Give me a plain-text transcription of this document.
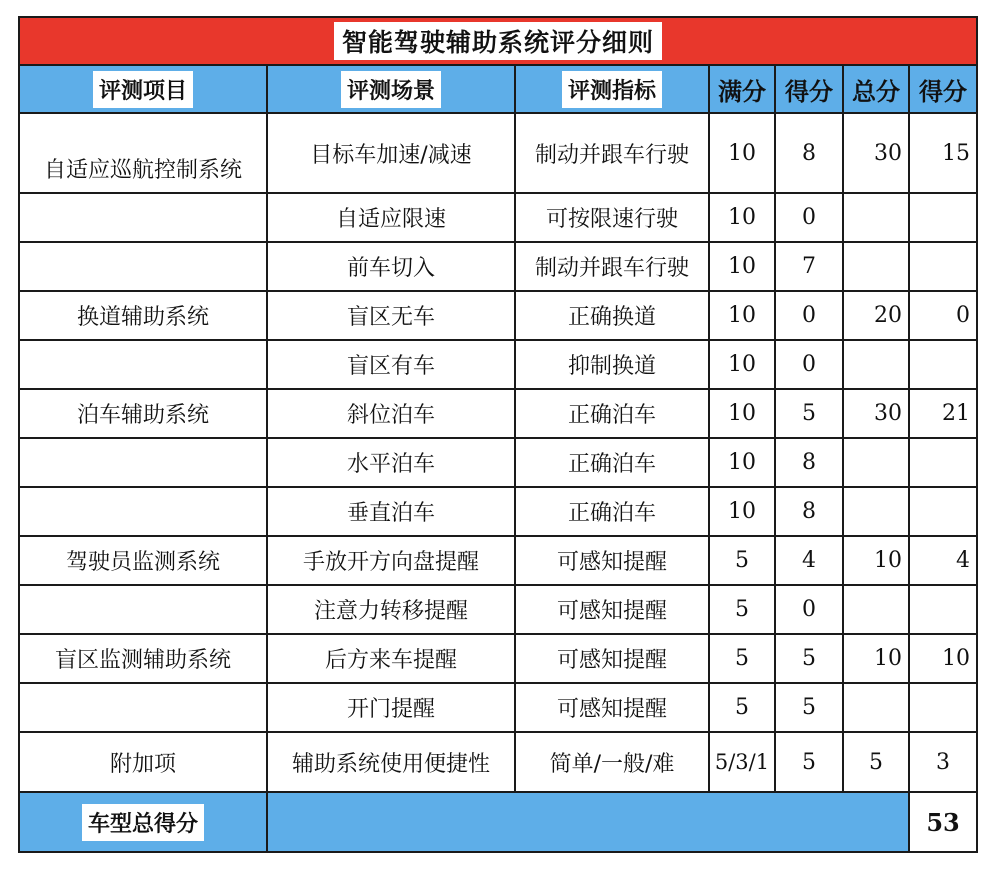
智能驾驶辅助系统评分细则						
评测项目	评测场景	评测指标	满分	得分	总分	得分
自适应巡航控制系统	目标车加速/减速	制动并跟车行驶	10	8	30	15
	自适应限速	可按限速行驶	10	0		
	前车切入	制动并跟车行驶	10	7		
换道辅助系统	盲区无车	正确换道	10	0	20	0
	盲区有车	抑制换道	10	0		
泊车辅助系统	斜位泊车	正确泊车	10	5	30	21
	水平泊车	正确泊车	10	8		
	垂直泊车	正确泊车	10	8		
驾驶员监测系统	手放开方向盘提醒	可感知提醒	5	4	10	4
	注意力转移提醒	可感知提醒	5	0		
盲区监测辅助系统	后方来车提醒	可感知提醒	5	5	10	10
	开门提醒	可感知提醒	5	5		
附加项	辅助系统使用便捷性	简单/一般/难	5/3/1	5	5	3
车型总得分						53
